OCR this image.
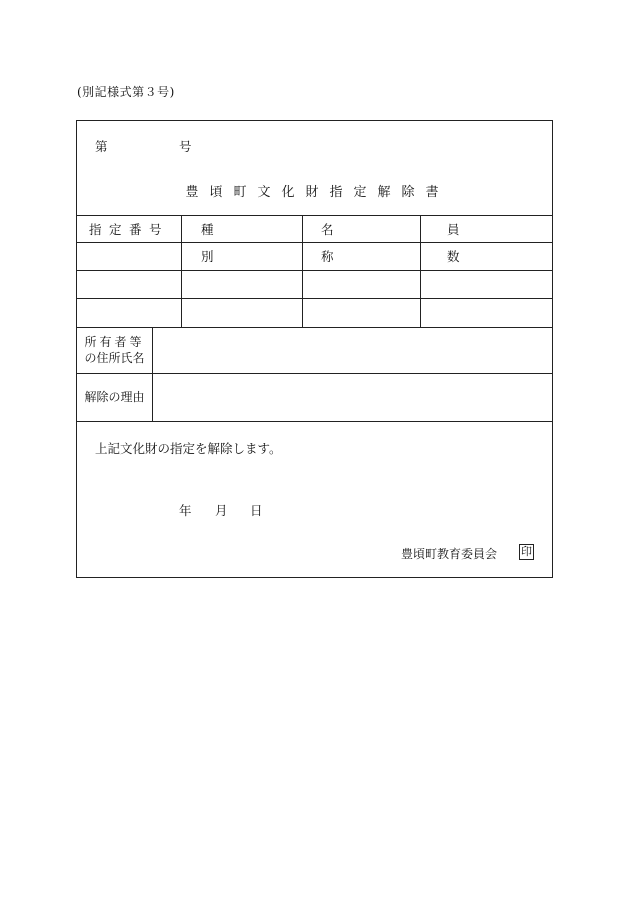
(別記様式第３号)
第	号
豊頃町文化財指定解除書
指定番号	種別
名称
員数
所有者等
の住所氏名
解除の理由
上記文化財の指定を解除します。
年 月 日
豊頃町教育委員会 印
